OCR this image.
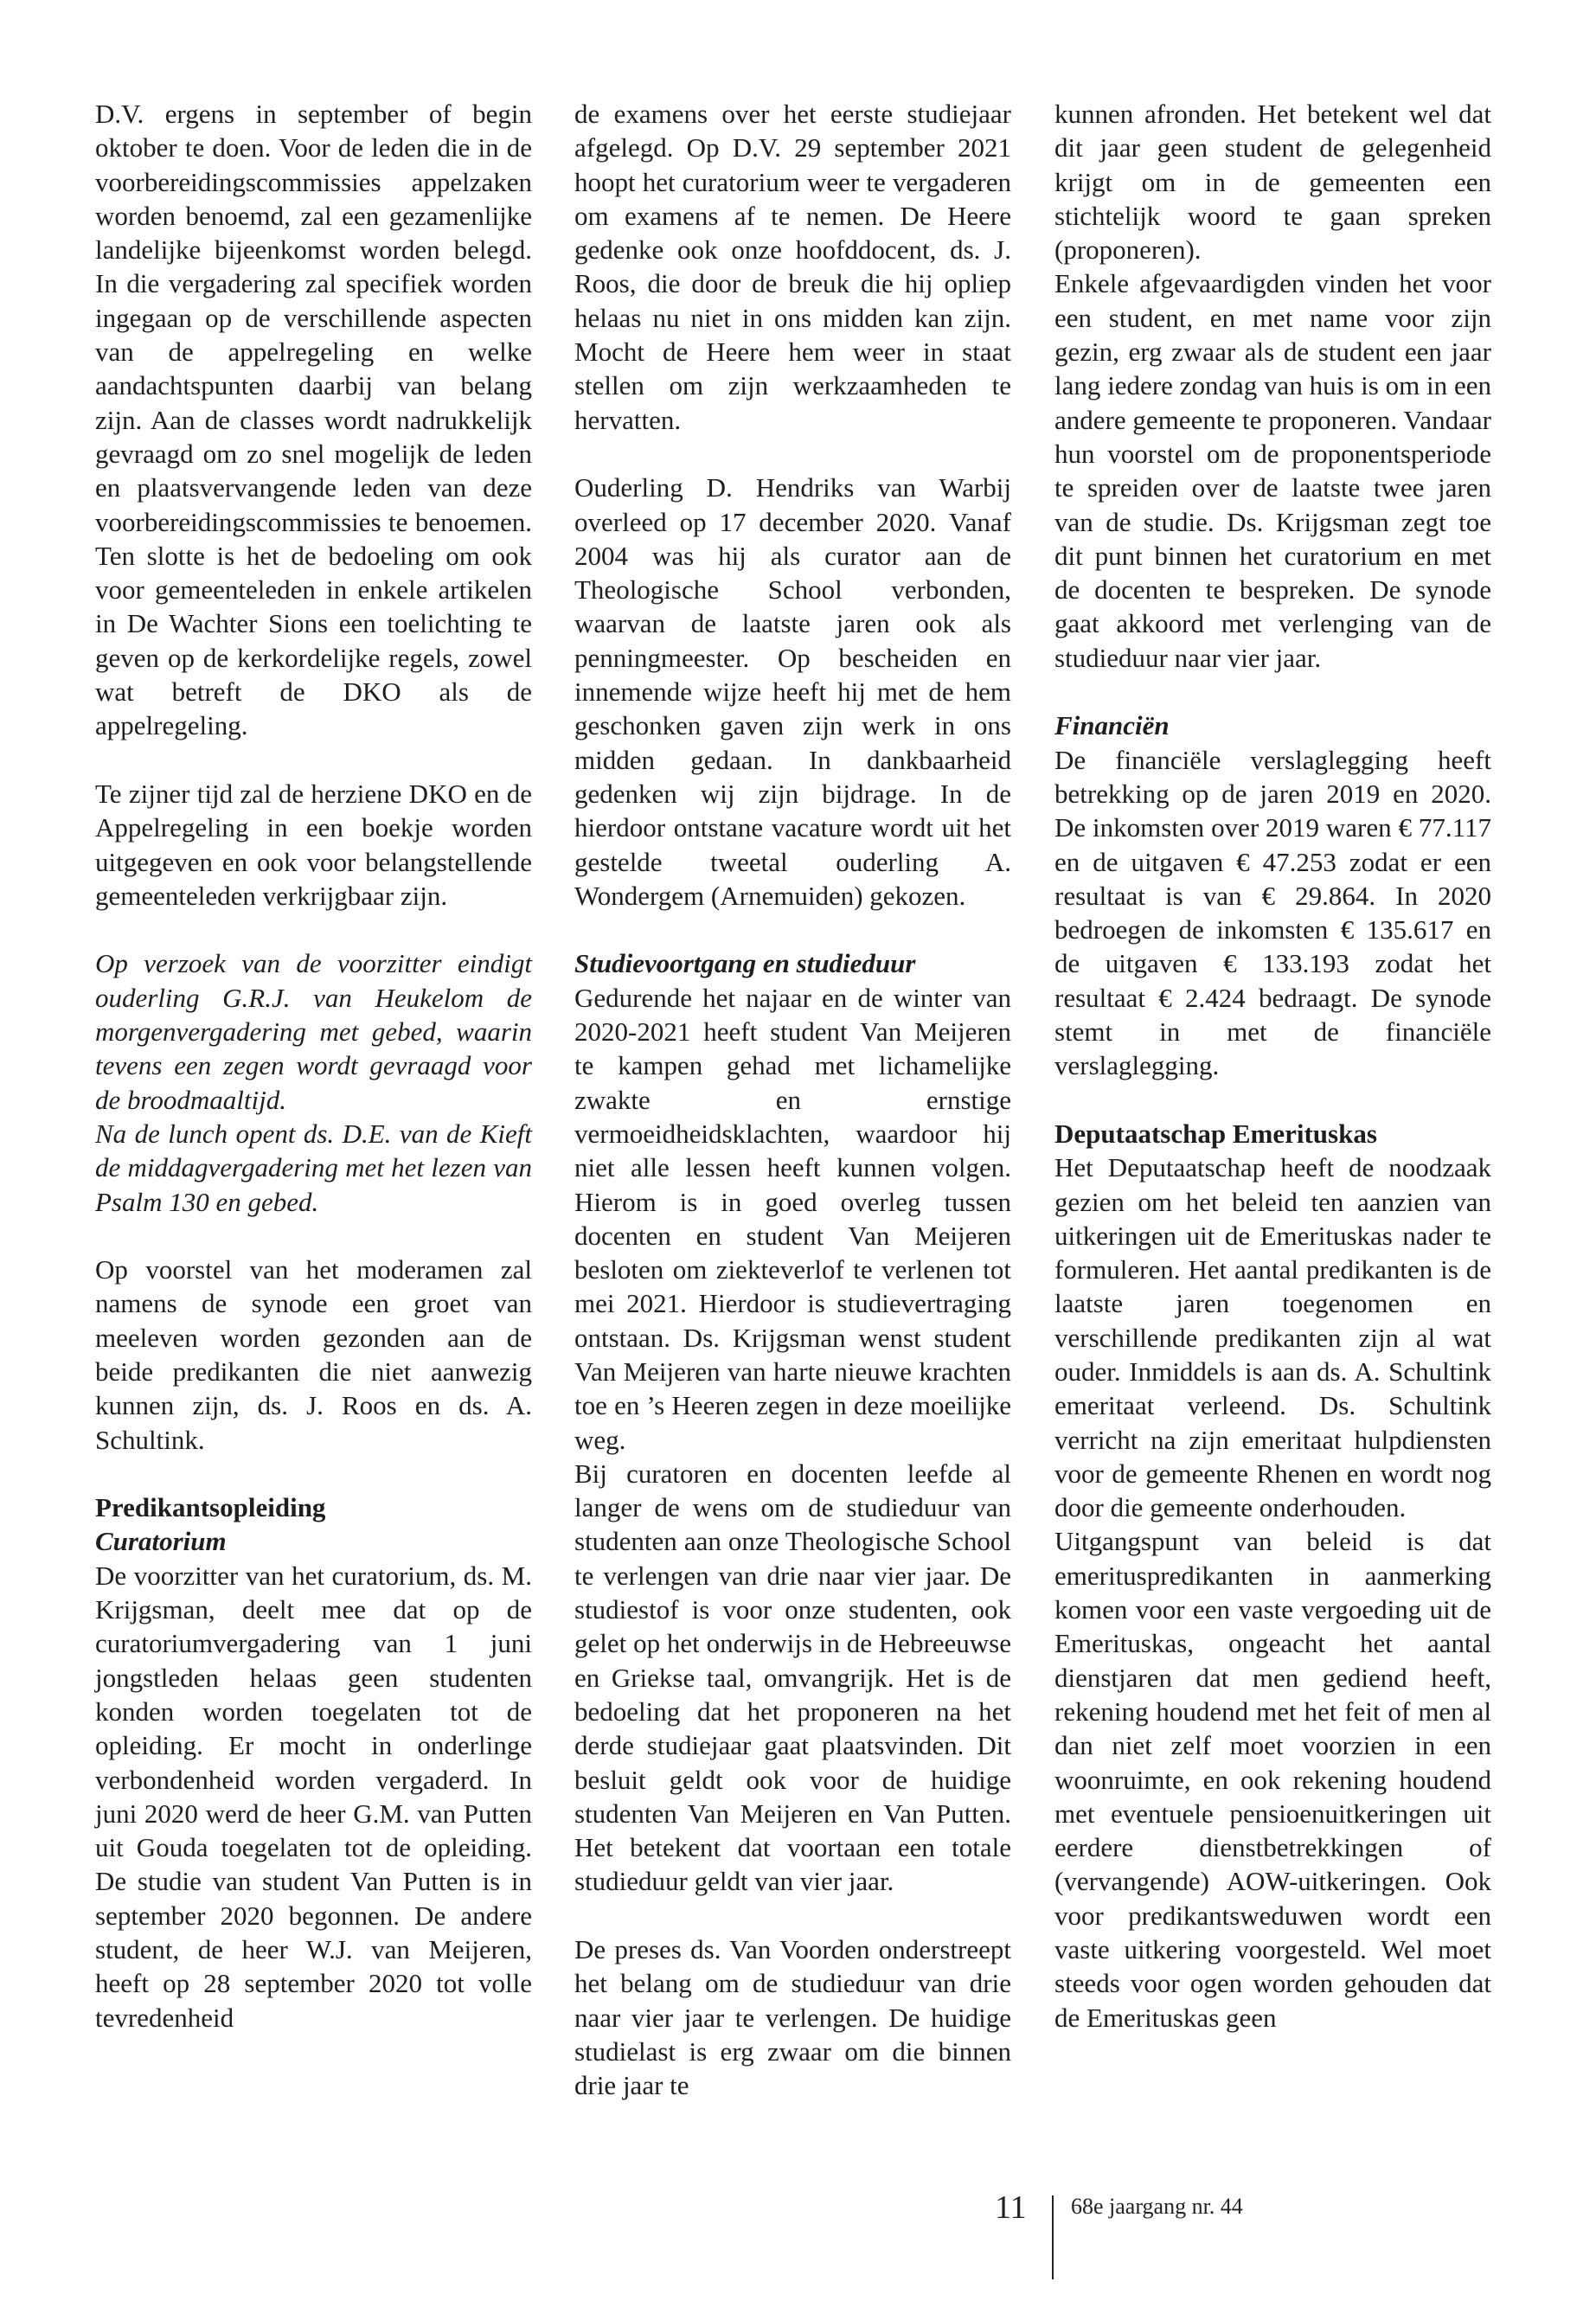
D.V. ergens in september of begin oktober te doen. Voor de leden die in de voorbereidingscommissies appelzaken worden benoemd, zal een gezamenlijke landelijke bijeenkomst worden belegd. In die vergadering zal specifiek worden ingegaan op de verschillende aspecten van de appelregeling en welke aandachtspunten daarbij van belang zijn. Aan de classes wordt nadrukkelijk gevraagd om zo snel mogelijk de leden en plaatsvervangende leden van deze voorbereidingscommissies te benoemen. Ten slotte is het de bedoeling om ook voor gemeenteleden in enkele artikelen in De Wachter Sions een toelichting te geven op de kerkordelijke regels, zowel wat betreft de DKO als de appelregeling.

Te zijner tijd zal de herziene DKO en de Appelregeling in een boekje worden uitgegeven en ook voor belangstellende gemeenteleden verkrijgbaar zijn.

Op verzoek van de voorzitter eindigt ouderling G.R.J. van Heukelom de morgenvergadering met gebed, waarin tevens een zegen wordt gevraagd voor de broodmaaltijd.

Na de lunch opent ds. D.E. van de Kieft de middagvergadering met het lezen van Psalm 130 en gebed.

Op voorstel van het moderamen zal namens de synode een groet van meeleven worden gezonden aan de beide predikanten die niet aanwezig kunnen zijn, ds. J. Roos en ds. A. Schultink.

Predikantsopleiding
Curatorium

De voorzitter van het curatorium, ds. M. Krijgsman, deelt mee dat op de curatoriumvergadering van 1 juni jongstleden helaas geen studenten konden worden toegelaten tot de opleiding. Er mocht in onderlinge verbondenheid worden vergaderd. In juni 2020 werd de heer G.M. van Putten uit Gouda toegelaten tot de opleiding. De studie van student Van Putten is in september 2020 begonnen. De andere student, de heer W.J. van Meijeren, heeft op 28 september 2020 tot volle tevredenheid

de examens over het eerste studiejaar afgelegd. Op D.V. 29 september 2021 hoopt het curatorium weer te vergaderen om examens af te nemen. De Heere gedenke ook onze hoofddocent, ds. J. Roos, die door de breuk die hij opliep helaas nu niet in ons midden kan zijn. Mocht de Heere hem weer in staat stellen om zijn werkzaamheden te hervatten.

Ouderling D. Hendriks van Warbij overleed op 17 december 2020. Vanaf 2004 was hij als curator aan de Theologische School verbonden, waarvan de laatste jaren ook als penningmeester. Op bescheiden en innemende wijze heeft hij met de hem geschonken gaven zijn werk in ons midden gedaan. In dankbaarheid gedenken wij zijn bijdrage. In de hierdoor ontstane vacature wordt uit het gestelde tweetal ouderling A. Wondergem (Arnemuiden) gekozen.

Studievoortgang en studieduur

Gedurende het najaar en de winter van 2020-2021 heeft student Van Meijeren te kampen gehad met lichamelijke zwakte en ernstige vermoeidheidsklachten, waardoor hij niet alle lessen heeft kunnen volgen. Hierom is in goed overleg tussen docenten en student Van Meijeren besloten om ziekteverlof te verlenen tot mei 2021. Hierdoor is studievertraging ontstaan. Ds. Krijgsman wenst student Van Meijeren van harte nieuwe krachten toe en ’s Heeren zegen in deze moeilijke weg.

Bij curatoren en docenten leefde al langer de wens om de studieduur van studenten aan onze Theologische School te verlengen van drie naar vier jaar. De studiestof is voor onze studenten, ook gelet op het onderwijs in de Hebreeuwse en Griekse taal, omvangrijk. Het is de bedoeling dat het proponeren na het derde studiejaar gaat plaatsvinden. Dit besluit geldt ook voor de huidige studenten Van Meijeren en Van Putten. Het betekent dat voortaan een totale studieduur geldt van vier jaar.

De preses ds. Van Voorden onderstreept het belang om de studieduur van drie naar vier jaar te verlengen. De huidige studielast is erg zwaar om die binnen drie jaar te

kunnen afronden. Het betekent wel dat dit jaar geen student de gelegenheid krijgt om in de gemeenten een stichtelijk woord te gaan spreken (proponeren).

Enkele afgevaardigden vinden het voor een student, en met name voor zijn gezin, erg zwaar als de student een jaar lang iedere zondag van huis is om in een andere gemeente te proponeren. Vandaar hun voorstel om de proponentsperiode te spreiden over de laatste twee jaren van de studie. Ds. Krijgsman zegt toe dit punt binnen het curatorium en met de docenten te bespreken. De synode gaat akkoord met verlenging van de studieduur naar vier jaar.

Financiën

De financiële verslaglegging heeft betrekking op de jaren 2019 en 2020. De inkomsten over 2019 waren € 77.117 en de uitgaven € 47.253 zodat er een resultaat is van € 29.864. In 2020 bedroegen de inkomsten € 135.617 en de uitgaven € 133.193 zodat het resultaat € 2.424 bedraagt. De synode stemt in met de financiële verslaglegging.

Deputaatschap Emerituskas

Het Deputaatschap heeft de noodzaak gezien om het beleid ten aanzien van uitkeringen uit de Emerituskas nader te formuleren. Het aantal predikanten is de laatste jaren toegenomen en verschillende predikanten zijn al wat ouder. Inmiddels is aan ds. A. Schultink emeritaat verleend. Ds. Schultink verricht na zijn emeritaat hulpdiensten voor de gemeente Rhenen en wordt nog door die gemeente onderhouden.

Uitgangspunt van beleid is dat emerituspredikanten in aanmerking komen voor een vaste vergoeding uit de Emerituskas, ongeacht het aantal dienstjaren dat men gediend heeft, rekening houdend met het feit of men al dan niet zelf moet voorzien in een woonruimte, en ook rekening houdend met eventuele pensioenuitkeringen uit eerdere dienstbetrekkingen of (vervangende) AOW-uitkeringen. Ook voor predikantsweduwen wordt een vaste uitkering voorgesteld. Wel moet steeds voor ogen worden gehouden dat de Emerituskas geen

11 68e jaargang nr. 44
